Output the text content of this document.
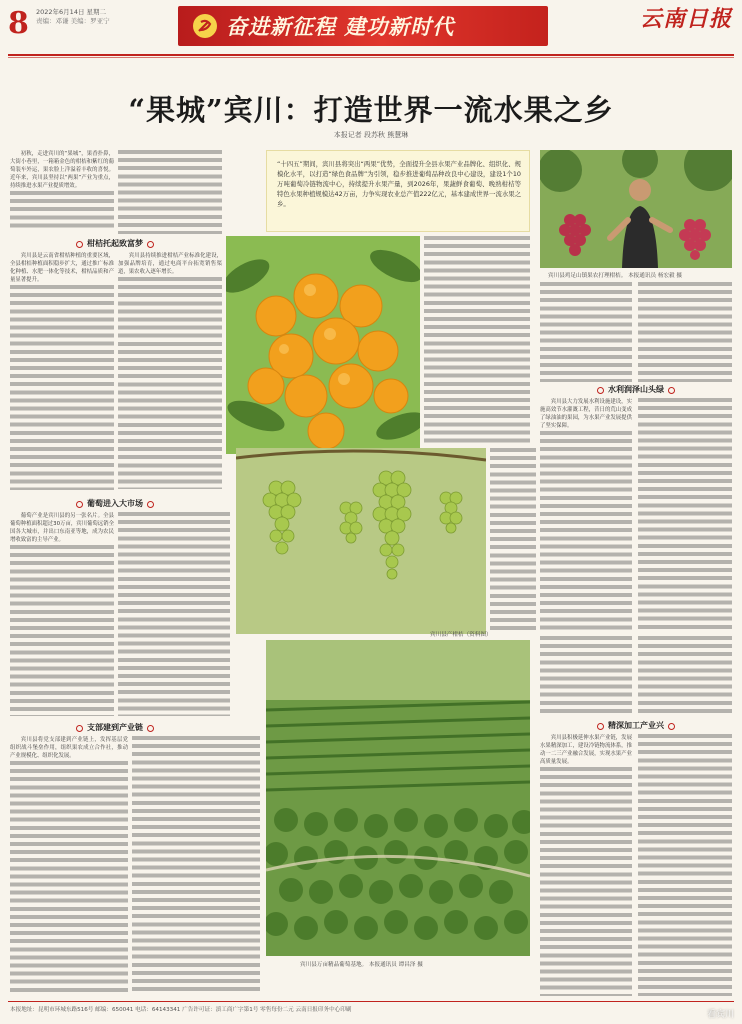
8 2022年6月14日 星期二
责编：邓谦 美编：罗亚宁	奋进新征程 建功新时代	云南日报
“果城”宾川：打造世界一流水果之乡
本报记者 段苏秋 熊慧琳

初秋，走进宾川的“果城”，果香扑鼻，大街小巷里，一箱箱金色的柑桔和紫红的葡萄装车外运，果农脸上洋溢着丰收的喜悦。近年来，宾川县坚持以“两果”产业为重点，持续推进水果产业提质增效。

柑桔托起致富梦

宾川县是云南省柑桔种植的重要区域，全县柑桔种植面积稳步扩大，通过推广标准化种植、水肥一体化等技术，柑桔品质和产量显著提升。

宾川县持续推进柑桔产业标准化建设，加强品牌培育，通过电商平台拓宽销售渠道，果农收入逐年增长。

葡萄进入大市场

葡萄产业是宾川县的另一张名片。全县葡萄种植面积超过30万亩，宾川葡萄远销全国各大城市，并出口东南亚等地，成为农民增收致富的主导产业。

支部建到产业链

宾川县将党支部建到产业链上，发挥基层党组织战斗堡垒作用，组织果农成立合作社，推动产业规模化、组织化发展。

“十四五”期间，宾川县将突出“两果”优势，全面提升全县水果产业品牌化、组织化、规模化水平，以打造“绿色食品牌”为引领，稳步推进葡萄品种改良中心建设，建设1个10万吨葡萄冷链物流中心，持续提升水果产量，到2026年，果蔬鲜食葡萄、晚熟柑桔等特色水果种植规模达42万亩，力争实现农业总产值222亿元，基本建成世界一流水果之乡。
宾川县鸡足山镇果农打理柑桔。 本报通讯员 杨宏毅 摄
宾川县产柑桔（资料图）
水利润泽山头绿

宾川县大力发展水利设施建设，实施高效节水灌溉工程，昔日的荒山变成了绿油油的果园，为水果产业发展提供了坚实保障。

宾川县万亩精品葡萄基地。 本报通讯员 谭昌泽 摄
精深加工产业兴

宾川县积极延伸水果产业链，发展水果精深加工，建设冷链物流体系，推动一二三产业融合发展，实现水果产业高质量发展。

本报地址：昆明市环城东路516号 邮编：650041 电话：64143341 广告许可证：滇工商广字第1号 零售每份二元 云南日报印务中心印刷	看宾川
